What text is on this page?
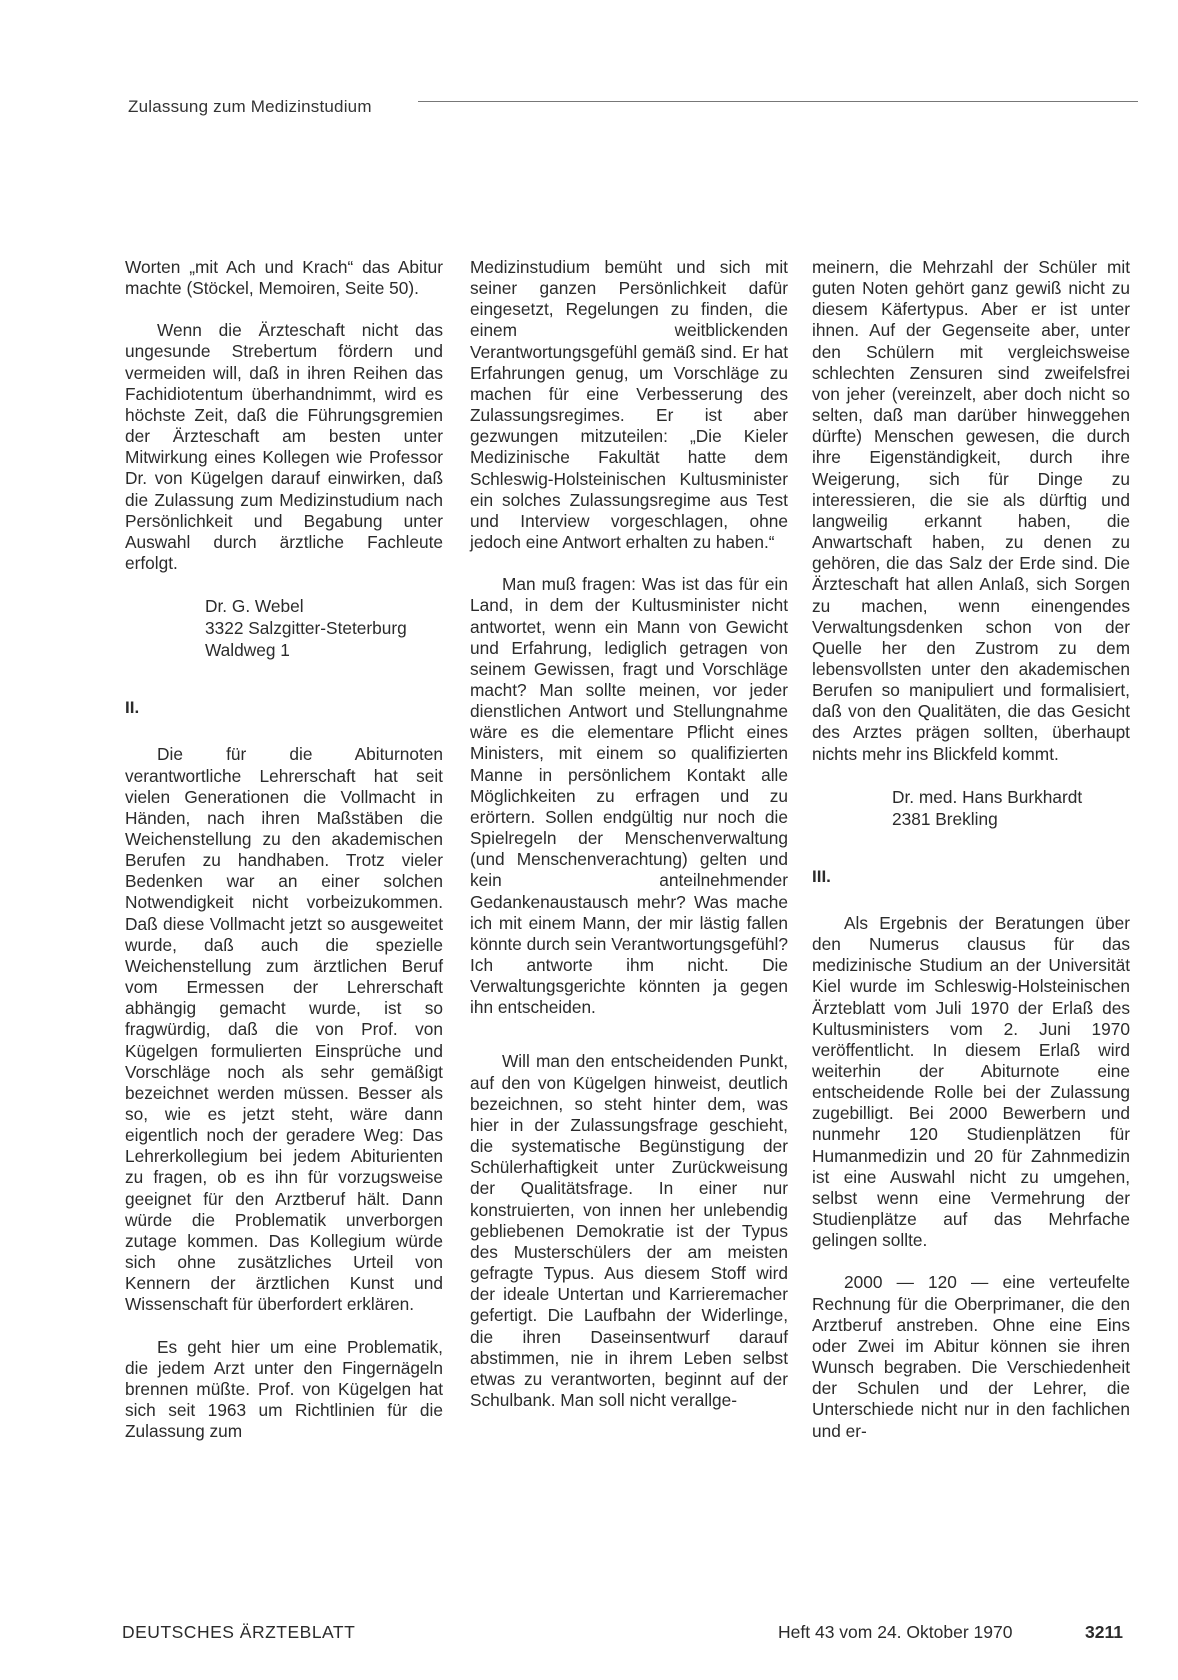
Zulassung zum Medizinstudium

Worten „mit Ach und Krach“ das Abitur machte (Stöckel, Memoiren, Seite 50).

Wenn die Ärzteschaft nicht das ungesunde Strebertum fördern und vermeiden will, daß in ihren Reihen das Fachidiotentum überhandnimmt, wird es höchste Zeit, daß die Führungsgremien der Ärzteschaft am besten unter Mitwirkung eines Kollegen wie Professor Dr. von Kügelgen darauf einwirken, daß die Zulassung zum Medizinstudium nach Persönlichkeit und Begabung unter Auswahl durch ärztliche Fachleute erfolgt.

Dr. G. Webel
3322 Salzgitter-Steterburg
Waldweg 1

II.

Die für die Abiturnoten verantwortliche Lehrerschaft hat seit vielen Generationen die Vollmacht in Händen, nach ihren Maßstäben die Weichenstellung zu den akademischen Berufen zu handhaben. Trotz vieler Bedenken war an einer solchen Notwendigkeit nicht vorbeizukommen. Daß diese Vollmacht jetzt so ausgeweitet wurde, daß auch die spezielle Weichenstellung zum ärztlichen Beruf vom Ermessen der Lehrerschaft abhängig gemacht wurde, ist so fragwürdig, daß die von Prof. von Kügelgen formulierten Einsprüche und Vorschläge noch als sehr gemäßigt bezeichnet werden müssen. Besser als so, wie es jetzt steht, wäre dann eigentlich noch der geradere Weg: Das Lehrerkollegium bei jedem Abiturienten zu fragen, ob es ihn für vorzugsweise geeignet für den Arztberuf hält. Dann würde die Problematik unverborgen zutage kommen. Das Kollegium würde sich ohne zusätzliches Urteil von Kennern der ärztlichen Kunst und Wissenschaft für überfordert erklären.

Es geht hier um eine Problematik, die jedem Arzt unter den Fingernägeln brennen müßte. Prof. von Kügelgen hat sich seit 1963 um Richtlinien für die Zulassung zum

Medizinstudium bemüht und sich mit seiner ganzen Persönlichkeit dafür eingesetzt, Regelungen zu finden, die einem weitblickenden Verantwortungsgefühl gemäß sind. Er hat Erfahrungen genug, um Vorschläge zu machen für eine Verbesserung des Zulassungsregimes. Er ist aber gezwungen mitzuteilen: „Die Kieler Medizinische Fakultät hatte dem Schleswig-Holsteinischen Kultusminister ein solches Zulassungsregime aus Test und Interview vorgeschlagen, ohne jedoch eine Antwort erhalten zu haben.“

Man muß fragen: Was ist das für ein Land, in dem der Kultusminister nicht antwortet, wenn ein Mann von Gewicht und Erfahrung, lediglich getragen von seinem Gewissen, fragt und Vorschläge macht? Man sollte meinen, vor jeder dienstlichen Antwort und Stellungnahme wäre es die elementare Pflicht eines Ministers, mit einem so qualifizierten Manne in persönlichem Kontakt alle Möglichkeiten zu erfragen und zu erörtern. Sollen endgültig nur noch die Spielregeln der Menschenverwaltung (und Menschenverachtung) gelten und kein anteilnehmender Gedankenaustausch mehr? Was mache ich mit einem Mann, der mir lästig fallen könnte durch sein Verantwortungsgefühl? Ich antworte ihm nicht. Die Verwaltungsgerichte könnten ja gegen ihn entscheiden.

Will man den entscheidenden Punkt, auf den von Kügelgen hinweist, deutlich bezeichnen, so steht hinter dem, was hier in der Zulassungsfrage geschieht, die systematische Begünstigung der Schülerhaftigkeit unter Zurückweisung der Qualitätsfrage. In einer nur konstruierten, von innen her unlebendig gebliebenen Demokratie ist der Typus des Musterschülers der am meisten gefragte Typus. Aus diesem Stoff wird der ideale Untertan und Karrieremacher gefertigt. Die Laufbahn der Widerlinge, die ihren Daseinsentwurf darauf abstimmen, nie in ihrem Leben selbst etwas zu verantworten, beginnt auf der Schulbank. Man soll nicht verallge-

meinern, die Mehrzahl der Schüler mit guten Noten gehört ganz gewiß nicht zu diesem Käfertypus. Aber er ist unter ihnen. Auf der Gegenseite aber, unter den Schülern mit vergleichsweise schlechten Zensuren sind zweifelsfrei von jeher (vereinzelt, aber doch nicht so selten, daß man darüber hinweggehen dürfte) Menschen gewesen, die durch ihre Eigenständigkeit, durch ihre Weigerung, sich für Dinge zu interessieren, die sie als dürftig und langweilig erkannt haben, die Anwartschaft haben, zu denen zu gehören, die das Salz der Erde sind. Die Ärzteschaft hat allen Anlaß, sich Sorgen zu machen, wenn einengendes Verwaltungsdenken schon von der Quelle her den Zustrom zu dem lebensvollsten unter den akademischen Berufen so manipuliert und formalisiert, daß von den Qualitäten, die das Gesicht des Arztes prägen sollten, überhaupt nichts mehr ins Blickfeld kommt.

Dr. med. Hans Burkhardt
2381 Brekling

III.

Als Ergebnis der Beratungen über den Numerus clausus für das medizinische Studium an der Universität Kiel wurde im Schleswig-Holsteinischen Ärzteblatt vom Juli 1970 der Erlaß des Kultusministers vom 2. Juni 1970 veröffentlicht. In diesem Erlaß wird weiterhin der Abiturnote eine entscheidende Rolle bei der Zulassung zugebilligt. Bei 2000 Bewerbern und nunmehr 120 Studienplätzen für Humanmedizin und 20 für Zahnmedizin ist eine Auswahl nicht zu umgehen, selbst wenn eine Vermehrung der Studienplätze auf das Mehrfache gelingen sollte.

2000 — 120 — eine verteufelte Rechnung für die Oberprimaner, die den Arztberuf anstreben. Ohne eine Eins oder Zwei im Abitur können sie ihren Wunsch begraben. Die Verschiedenheit der Schulen und der Lehrer, die Unterschiede nicht nur in den fachlichen und er-

DEUTSCHES ÄRZTEBLATT	Heft 43 vom 24. Oktober 1970	3211
